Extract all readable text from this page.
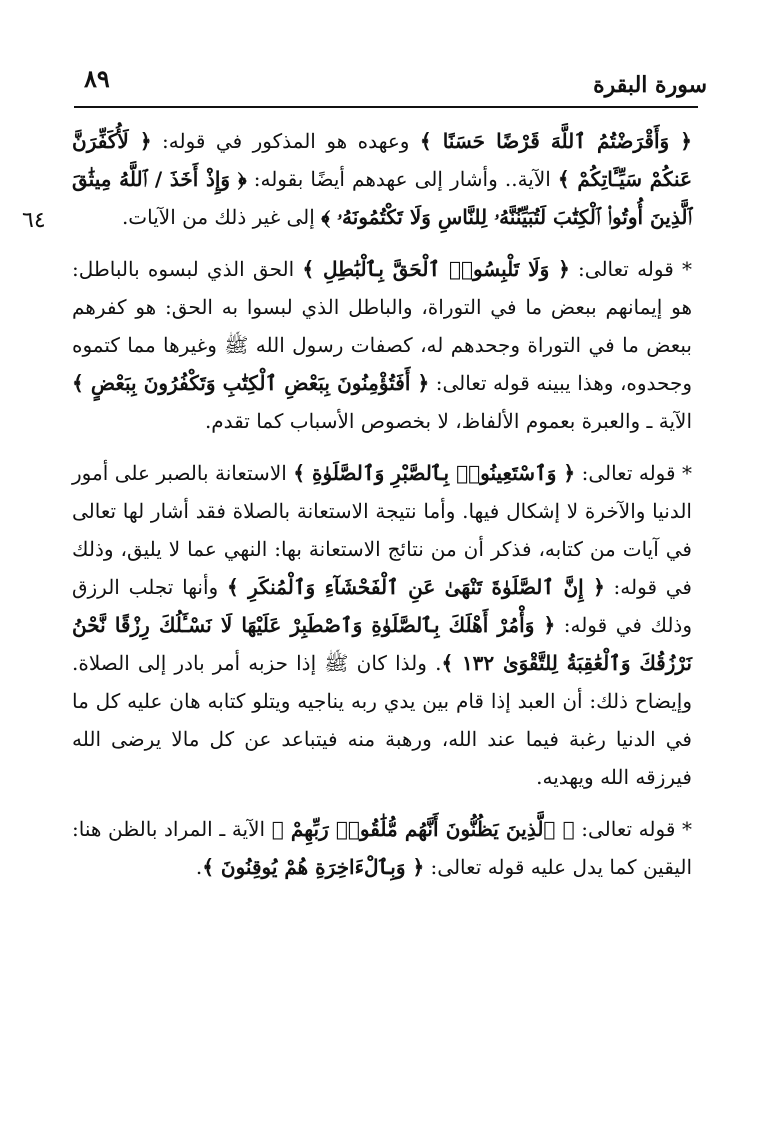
٨٩	سورة البقرة
٦٤

﴿ وَأَقْرَضْتُمُ ٱللَّهَ قَرْضًا حَسَنًا ﴾ وعهده هو المذكور في قوله: ﴿ لَأُكَفِّرَنَّ عَنكُمْ سَيِّـَٔاتِكُمْ ﴾ الآية.. وأشار إلى عهدهم أيضًا بقوله: ﴿ وَإِذْ أَخَذَ / ٱللَّهُ مِيثَٰقَ ٱلَّذِينَ أُوتُوا۟ ٱلْكِتَٰبَ لَتُبَيِّنُنَّهُۥ لِلنَّاسِ وَلَا تَكْتُمُونَهُۥ ﴾ إلى غير ذلك من الآيات.

* قوله تعالى: ﴿ وَلَا تَلْبِسُوا۟ ٱلْحَقَّ بِٱلْبَٰطِلِ ﴾ الحق الذي لبسوه بالباطل: هو إيمانهم ببعض ما في التوراة، والباطل الذي لبسوا به الحق: هو كفرهم ببعض ما في التوراة وجحدهم له، كصفات رسول الله ﷺ وغيرها مما كتموه وجحدوه، وهذا يبينه قوله تعالى: ﴿ أَفَتُؤْمِنُونَ بِبَعْضِ ٱلْكِتَٰبِ وَتَكْفُرُونَ بِبَعْضٍ ﴾ الآية ـ والعبرة بعموم الألفاظ، لا بخصوص الأسباب كما تقدم.

* قوله تعالى: ﴿ وَٱسْتَعِينُوا۟ بِٱلصَّبْرِ وَٱلصَّلَوٰةِ ﴾ الاستعانة بالصبر على أمور الدنيا والآخرة لا إشكال فيها. وأما نتيجة الاستعانة بالصلاة فقد أشار لها تعالى في آيات من كتابه، فذكر أن من نتائج الاستعانة بها: النهي عما لا يليق، وذلك في قوله: ﴿ إِنَّ ٱلصَّلَوٰةَ تَنْهَىٰ عَنِ ٱلْفَحْشَآءِ وَٱلْمُنكَرِ ﴾ وأنها تجلب الرزق وذلك في قوله: ﴿ وَأْمُرْ أَهْلَكَ بِٱلصَّلَوٰةِ وَٱصْطَبِرْ عَلَيْهَا لَا نَسْـَٔلُكَ رِزْقًا نَّحْنُ نَرْزُقُكَ وَٱلْعَٰقِبَةُ لِلتَّقْوَىٰ ١٣٢ ﴾. ولذا كان ﷺ إذا حزبه أمر بادر إلى الصلاة. وإيضاح ذلك: أن العبد إذا قام بين يدي ربه يناجيه ويتلو كتابه هان عليه كل ما في الدنيا رغبة فيما عند الله، ورهبة منه فيتباعد عن كل مالا يرضى الله فيرزقه الله ويهديه.

* قوله تعالى: ﴿ ٱلَّذِينَ يَظُنُّونَ أَنَّهُم مُّلَٰقُوا۟ رَبِّهِمْ ﴾ الآية ـ المراد بالظن هنا: اليقين كما يدل عليه قوله تعالى: ﴿ وَبِٱلْءَاخِرَةِ هُمْ يُوقِنُونَ ﴾.
